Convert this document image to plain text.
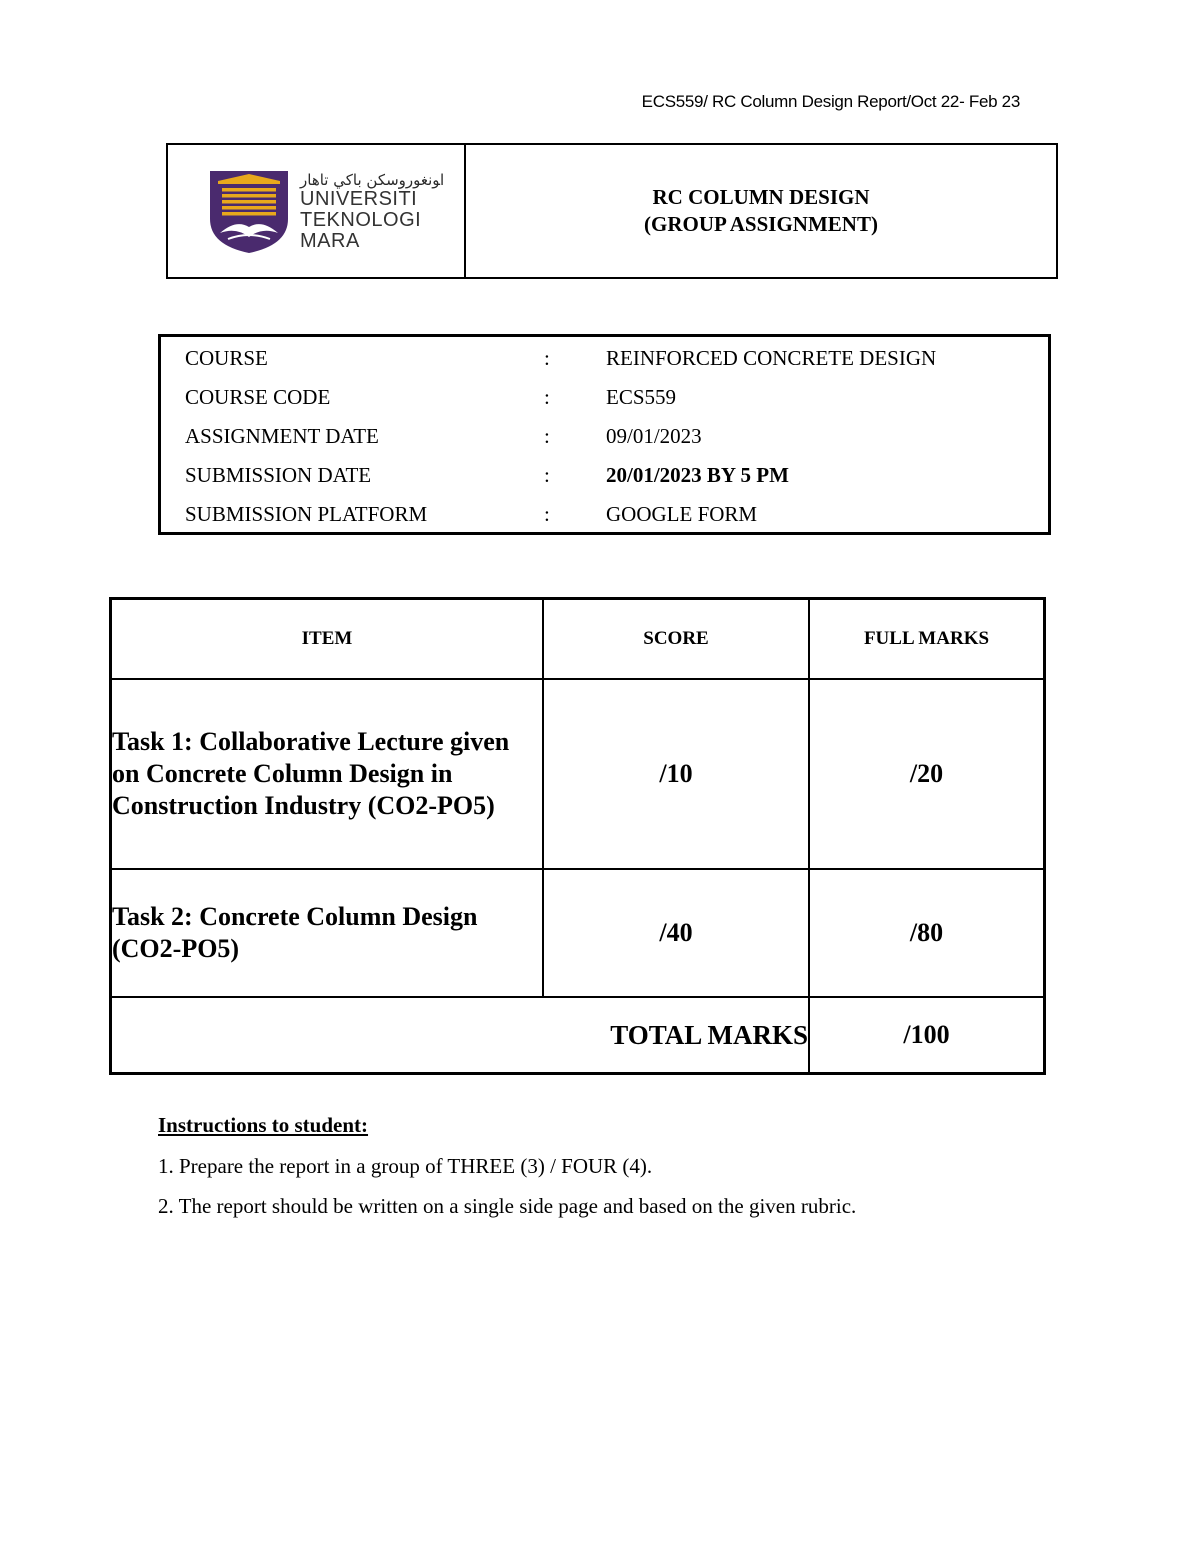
ECS559/ RC Column Design Report/Oct 22- Feb 23
ﺍﻮﻧﻐﻮﺭﻭﺳﻜﻦ ﺑﺎﻛﻲ ﺗﺎﻫﺎﺭ
UNIVERSITI
TEKNOLOGI
MARA
RC COLUMN DESIGN
(GROUP ASSIGNMENT)
COURSE	:	REINFORCED CONCRETE DESIGN
COURSE CODE	:	ECS559
ASSIGNMENT DATE	:	09/01/2023
SUBMISSION DATE	:	20/01/2023 BY 5 PM
SUBMISSION PLATFORM	:	GOOGLE FORM
ITEM	SCORE	FULL MARKS
Task 1: Collaborative Lecture given on Concrete Column Design in Construction Industry (CO2-PO5)	/10	/20
Task 2: Concrete Column Design (CO2-PO5)	/40	/80
TOTAL MARKS		/100
Instructions to student:
1. Prepare the report in a group of THREE (3) / FOUR (4).
2. The report should be written on a single side page and based on the given rubric.
